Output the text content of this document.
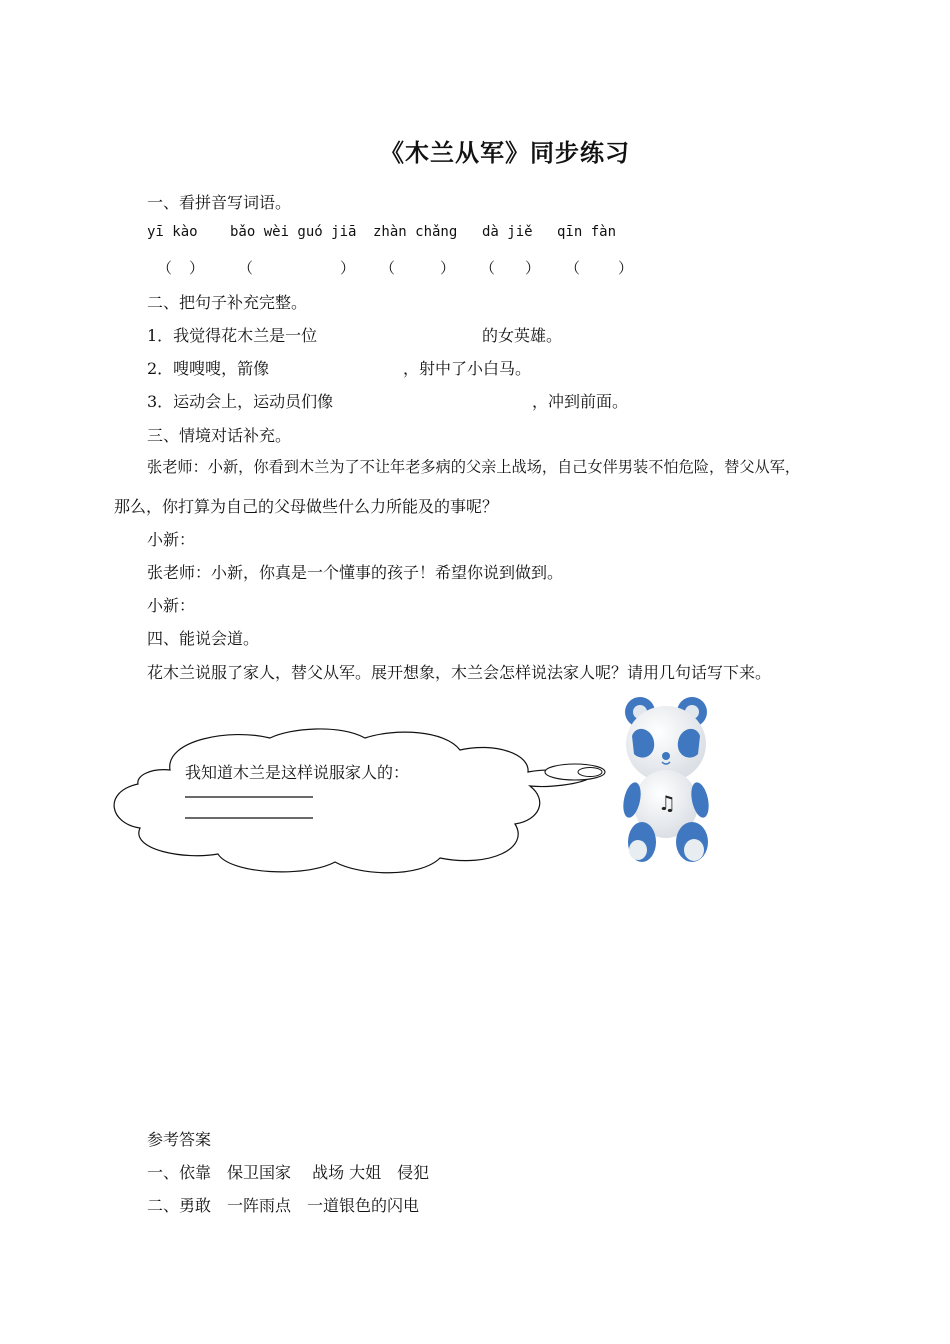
《木兰从军》同步练习
一、看拼音写词语。
yī kào bǎo wèi guó jiā zhàn chǎng dà jiě qīn fàn
（ ） （	） （	） （ ） （	）
二、把句子补充完整。
1．我觉得花木兰是一位	的女英雄。
2．嗖嗖嗖，箭像	，射中了小白马。
3．运动会上，运动员们像	，冲到前面。
三、情境对话补充。
张老师：小新，你看到木兰为了不让年老多病的父亲上战场，自己女伴男装不怕危险，替父从军，
那么，你打算为自己的父母做些什么力所能及的事呢？
小新：
张老师：小新，你真是一个懂事的孩子！希望你说到做到。
小新：
四、能说会道。
花木兰说服了家人，替父从军。展开想象，木兰会怎样说法家人呢？请用几句话写下来。
我知道木兰是这样说服家人的：
♫
参考答案
一、依靠　保卫国家　 战场 大姐　侵犯
二、勇敢　一阵雨点　一道银色的闪电
